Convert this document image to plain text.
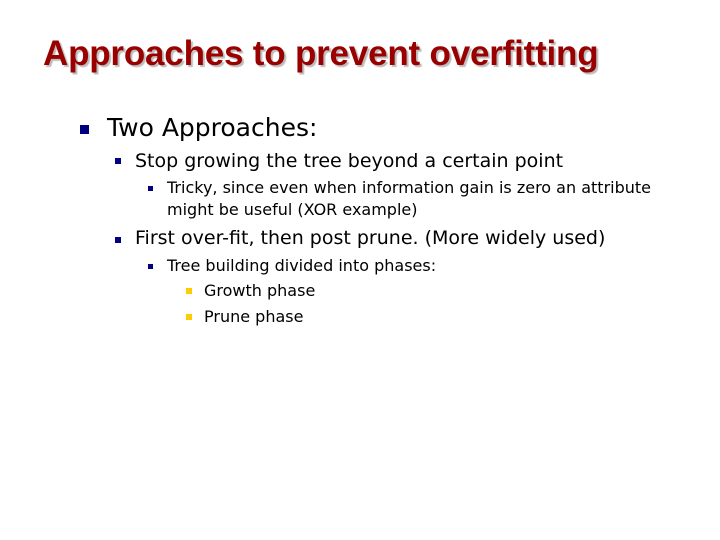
Approaches to prevent overfitting
Two Approaches:
Stop growing the tree beyond a certain point
Tricky, since even when information gain is zero an attribute
might be useful (XOR example)
First over-fit, then post prune. (More widely used)
Tree building divided into phases:
Growth phase
Prune phase
